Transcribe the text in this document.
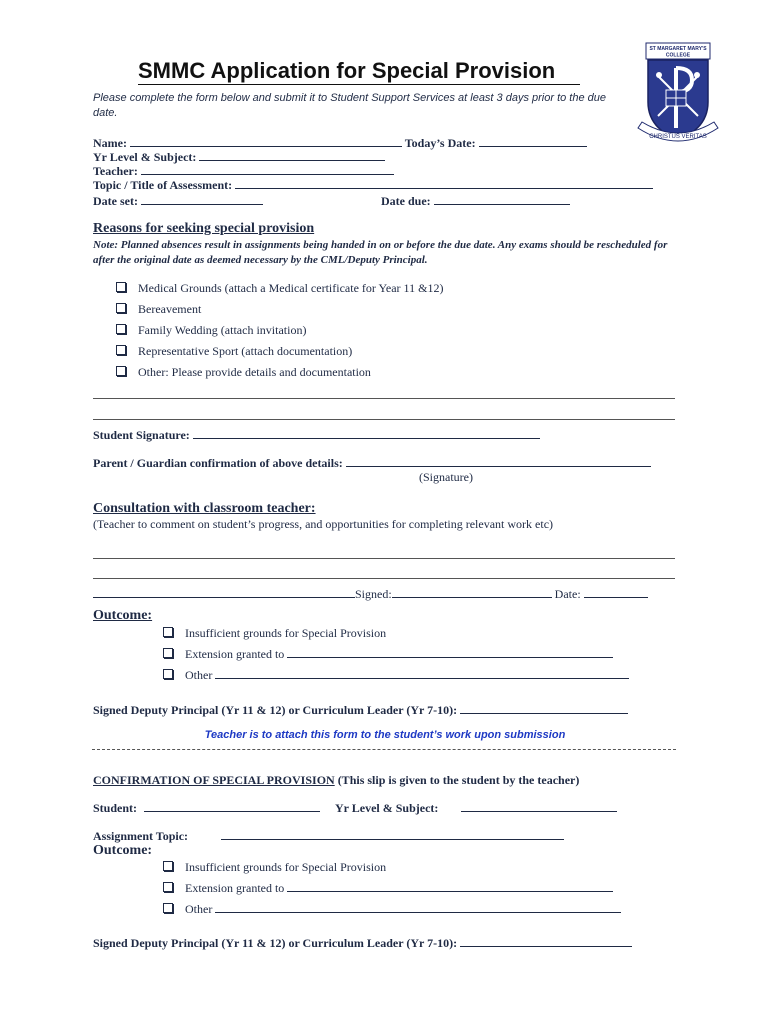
ST MARGARET MARY'S
COLLEGE
CHRISTUS VERITAS
SMMC Application for Special Provision
Please complete the form below and submit it to Student Support Services at least 3 days prior to the due date.
Name:	Today’s Date:
Yr Level & Subject:
Teacher:
Topic / Title of Assessment:
Date set:	Date due:
Reasons for seeking special provision
Note: Planned absences result in assignments being handed in on or before the due date. Any exams should be rescheduled for after the original date as deemed necessary by the CML/Deputy Principal.
Medical Grounds (attach a Medical certificate for Year 11 &12)
Bereavement
Family Wedding (attach invitation)
Representative Sport (attach documentation)
Other: Please provide details and documentation
Student Signature:
Parent / Guardian confirmation of above details:
(Signature)
Consultation with classroom teacher:
(Teacher to comment on student’s progress, and opportunities for completing relevant work etc)
Signed:	Date:
Outcome:
Insufficient grounds for Special Provision
Extension granted to
Other
Signed Deputy Principal (Yr 11 & 12) or Curriculum Leader (Yr 7-10):
Teacher is to attach this form to the student’s work upon submission
CONFIRMATION OF SPECIAL PROVISION (This slip is given to the student by the teacher)
Student:	Yr Level & Subject:
Assignment Topic:
Outcome:
Insufficient grounds for Special Provision
Extension granted to
Other
Signed Deputy Principal (Yr 11 & 12) or Curriculum Leader (Yr 7-10):
